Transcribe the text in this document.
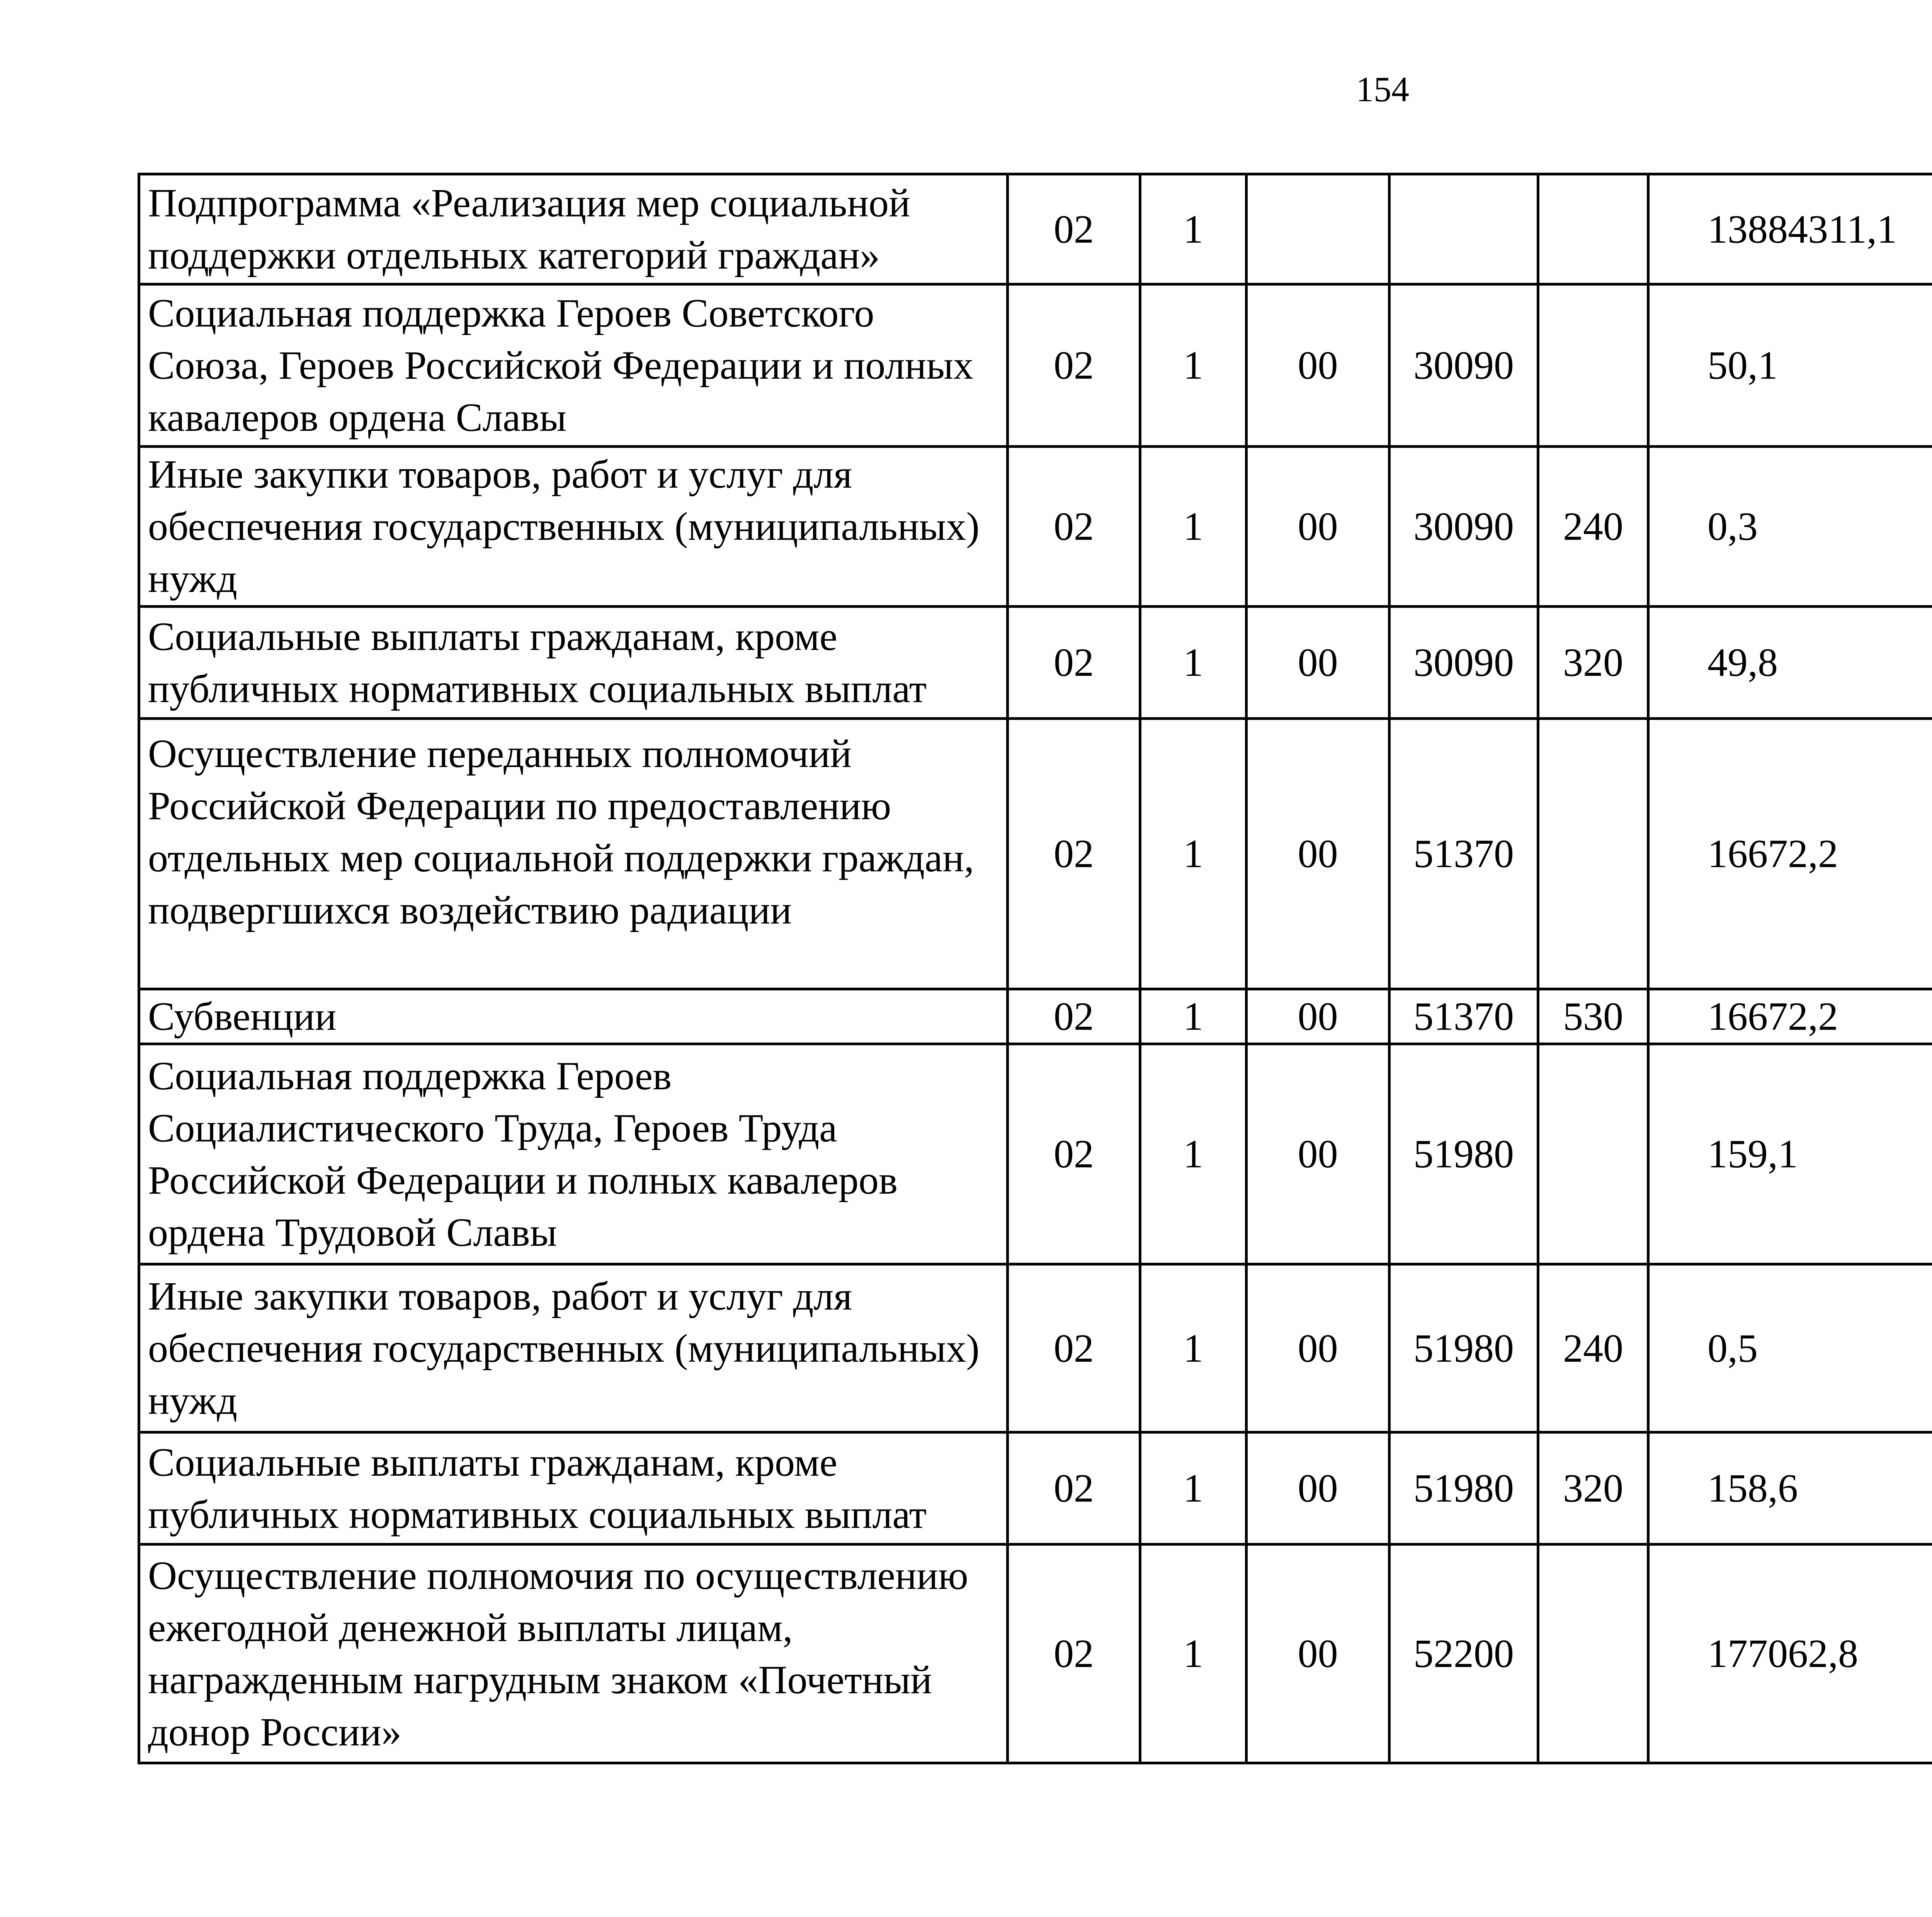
154
Подпрограмма «Реализация мер социальной поддержки отдельных категорий граждан»	02	1				13884311,1		
Социальная поддержка Героев Советского Союза, Героев Российской Федерации и полных кавалеров ордена Славы	02	1	00	30090		50,1		
Иные закупки товаров, работ и услуг для обеспечения государственных (муниципальных) нужд	02	1	00	30090	240	0,3		
Социальные выплаты гражданам, кроме публичных нормативных социальных выплат	02	1	00	30090	320	49,8		
Осуществление переданных полномочий Российской Федерации по предоставлению отдельных мер социальной поддержки граждан, подвергшихся воздействию радиации	02	1	00	51370		16672,2		
Субвенции	02	1	00	51370	530	16672,2		
Социальная поддержка Героев Социалистического Труда, Героев Труда Российской Федерации и полных кавалеров ордена Трудовой Славы	02	1	00	51980		159,1		
Иные закупки товаров, работ и услуг для обеспечения государственных (муниципальных) нужд	02	1	00	51980	240	0,5		
Социальные выплаты гражданам, кроме публичных нормативных социальных выплат	02	1	00	51980	320	158,6		
Осуществление полномочия по осуществлению ежегодной денежной выплаты лицам, награжденным нагрудным знаком «Почетный донор России»	02	1	00	52200		177062,8		
